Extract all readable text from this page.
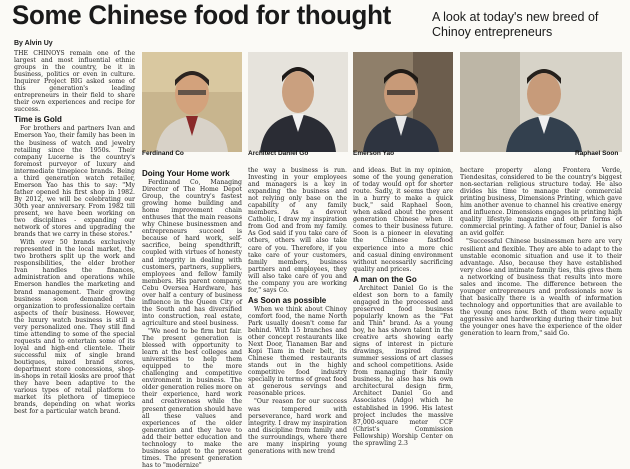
Some Chinese food for thought	A look at today's new breed of Chinoy entrepreneurs
By Alvin Uy

THE CHINOYS remain one of the largest and most influential ethnic groups in the country, be it in business, politics or even in culture. Inquirer Project BIG asked some of this generation's leading entrepreneurs in their field to share their own experiences and recipe for success.

Time is Gold

For brothers and partners Ivan and Emerson Yao, their family has been in the business of watch and jewelry retailing since the 1950s. Their company Lucerne is the country's foremost purveyor of luxury and intermediate timepiece brands. Being a third generation watch retailer, Emerson Yao has this to say: "My father opened his first shop in 1982. By 2012, we will be celebrating our 30th year anniversary. From 1982 till present, we have been working on two disciplines - expanding our network of stores and upgrading the brands that we carry in these stores."

With over 50 brands exclusively represented in the local market, the two brothers split up the work and responsibilities, the elder brother Ivan handles the finances, administration and operations while Emerson handles the marketing and brand management. Their growing business soon demanded the organization to professionalize certain aspects of their business. However, the luxury watch business is still a very personalized one. They still find time attending to some of the special requests and to entertain some of its loyal and high-end clientele. Their successful mix of single brand boutiques, mixed brand stores, department store concessions, shop-in-shops in retail kiosks are proof that they have been adaptive to the various types of retail platform to market its plethora of timepiece brands, depending on what works best for a particular watch brand.

Ferdinand Co	Architect Daniel Go	Emerson Yao	Raphael Soon
Doing Your Home work

Ferdinand Co, Managing Director of The Home Depot Group, the country's fastest growing home building and home improvement chain enthuses that the main reasons why Chinese businessmen and entrepreneurs succeed is because of hard work, self-sacrifice, being spendthrift, coupled with virtues of honesty and integrity in dealing with customers, partners, suppliers, employees and fellow family members. His parent company, Cebu Oversea Hardware, has over half a century of business influence in the Queen City of the South and has diversified into construction, real estate, agriculture and steel business.

"We need to be firm but fair. The present generation is blessed with opportunity to learn at the best colleges and universities to help them equipped to the more challenging and competitive environment in business. The older generation relies more on their experience, hard work and creativeness while the present generation should have all these values and experiences of the older generation and they have to add their better education and technology to make the business adapt to the present times. The present generation has to "modernize"

the way a business is run. Investing in your employees and managers is a key in expanding the business and not relying only base on the capability of any family members. As a devout Catholic, I draw my inspiration from God and from my family. As God said if you take care of others, others will also take care of you. Therefore, if you take care of your customers, family members, business partners and employees, they will also take care of you and the company you are working for," says Co.

As Soon as possible

When we think about Chinoy comfort food, the name North Park usually doesn't come far behind. With 15 branches and other concept restaurants like Next Door, Tianamen Bar and Kopi Tiam in their belt, its Chinese themed restaurants stands out in the highly competitive food industry specially in terms of great food at generous servings and reasonable prices.

"Our reason for our success was tempered with perseverance, hard work and integrity. I draw my inspiration and discipline from family and the surroundings, where there are many inspiring young generations with new trend

and ideas. But in my opinion, some of the young generation of today would opt for shorter route. Sadly, it seems they are in a hurry to make a quick buck," said Raphael Soon, when asked about the present generation Chinese when it comes to their business future. Soon is a pioneer in elevating the Chinese fastfood experience into a more chic and casual dining environment without necessarily sacrificing quality and prices.

A man on the Go

Architect Daniel Go is the eldest son born to a family engaged in the processed and preserved food business popularly known as the "Fat and Thin" brand. As a young boy, he has shown talent in the creative arts showing early signs of interest in picture drawings, inspired during summer sessions of art classes and school competitions. Aside from managing their family business, he also has his own architectural design firm, Architect Daniel Go and Associates (Adgo) which he established in 1996. His latest project includes the massive 87,000-square meter CCF (Christ's Commission Fellowship) Worship Center on the sprawling 2.3

hectare property along Frontera Verde, Tiendesitas, considered to be the country's biggest non-sectarian religious structure today. He also divides his time to manage their commercial printing business, Dimensions Printing, which gave him another avenue to channel his creative energy and influence. Dimensions engages in printing high quality lifestyle magazine and other forms of commercial printing. A father of four, Daniel is also an avid golfer.

"Successful Chinese businessmen here are very resilient and flexible. They are able to adapt to the unstable economic situation and use it to their advantage. Also, because they have established very close and intimate family ties, this gives them a networking of business that results into more sales and income. The difference between the younger entrepreneurs and professionals now is that basically there is a wealth of information technology and opportunities that are available to the young ones now. Both of them were equally aggressive and hardworking during their time but the younger ones have the experience of the older generation to learn from," said Go.
